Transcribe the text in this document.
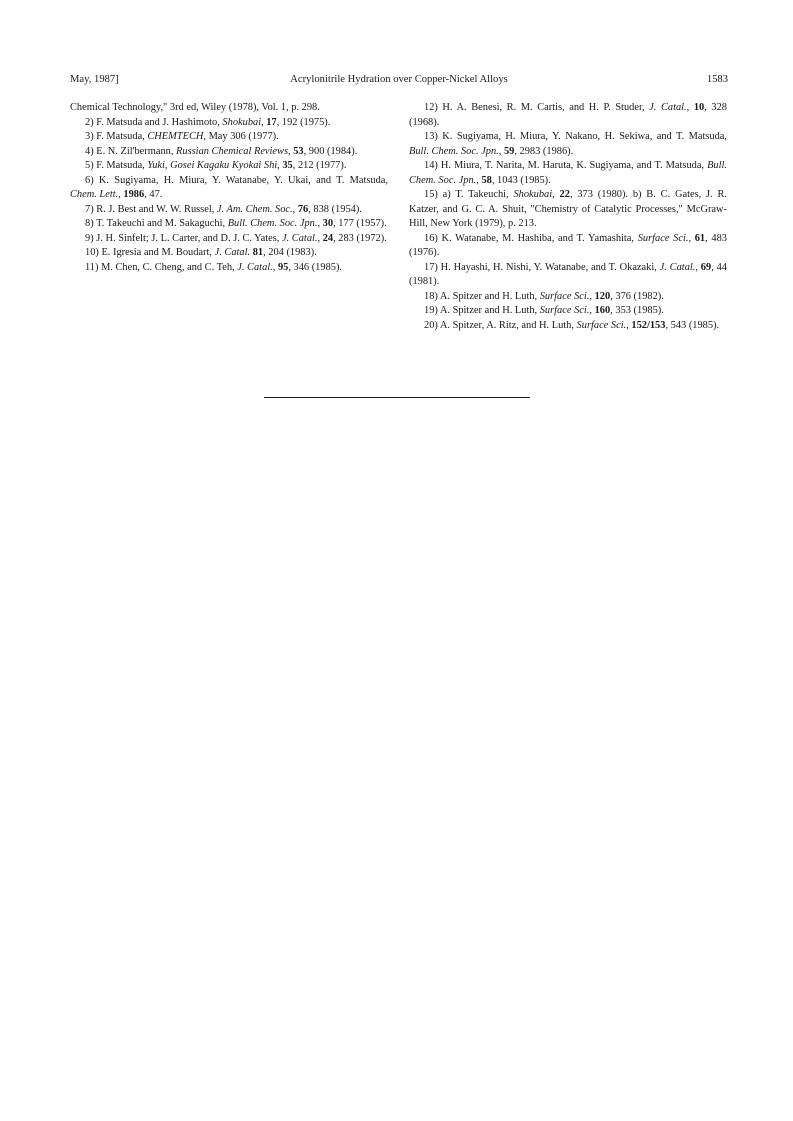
May, 1987]	Acrylonitrile Hydration over Copper-Nickel Alloys	1583

Chemical Technology," 3rd ed, Wiley (1978), Vol. 1, p. 298.

2) F. Matsuda and J. Hashimoto, Shokubai, 17, 192 (1975).

3) F. Matsuda, CHEMTECH, May 306 (1977).

4) E. N. Zil'bermann, Russian Chemical Reviews, 53, 900 (1984).

5) F. Matsuda, Yuki, Gosei Kagaku Kyokai Shi, 35, 212 (1977).

6) K. Sugiyama, H. Miura, Y. Watanabe, Y. Ukai, and T. Matsuda, Chem. Lett., 1986, 47.

7) R. J. Best and W. W. Russel, J. Am. Chem. Soc., 76, 838 (1954).

8) T. Takeuchi and M. Sakaguchi, Bull. Chem. Soc. Jpn., 30, 177 (1957).

9) J. H. Sinfelt; J. L. Carter, and D. J. C. Yates, J. Catal., 24, 283 (1972).

10) E. Igresia and M. Boudart, J. Catal. 81, 204 (1983).

11) M. Chen, C. Cheng, and C. Teh, J. Catal., 95, 346 (1985).

12) H. A. Benesi, R. M. Cartis, and H. P. Studer, J. Catal., 10, 328 (1968).

13) K. Sugiyama, H. Miura, Y. Nakano, H. Sekiwa, and T. Matsuda, Bull. Chem. Soc. Jpn., 59, 2983 (1986).

14) H. Miura, T. Narita, M. Haruta, K. Sugiyama, and T. Matsuda, Bull. Chem. Soc. Jpn., 58, 1043 (1985).

15) a) T. Takeuchi, Shokubai, 22, 373 (1980). b) B. C. Gates, J. R. Katzer, and G. C. A. Shuit, "Chemistry of Catalytic Processes," McGraw-Hill, New York (1979), p. 213.

16) K. Watanabe, M. Hashiba, and T. Yamashita, Surface Sci., 61, 483 (1976).

17) H. Hayashi, H. Nishi, Y. Watanabe, and T. Okazaki, J. Catal., 69, 44 (1981).

18) A. Spitzer and H. Luth, Surface Sci., 120, 376 (1982).

19) A. Spitzer and H. Luth, Surface Sci., 160, 353 (1985).

20) A. Spitzer, A. Ritz, and H. Luth, Surface Sci., 152/153, 543 (1985).
